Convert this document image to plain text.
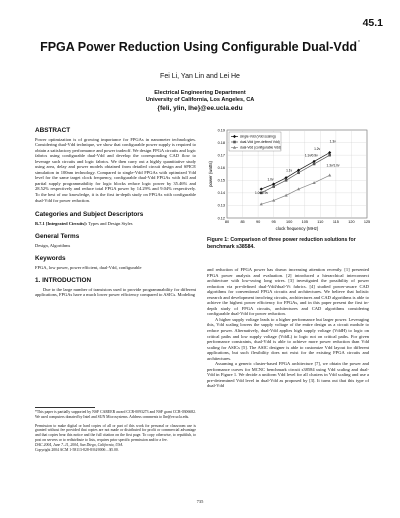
45.1
FPGA Power Reduction Using Configurable Dual-Vdd*
Fei Li, Yan Lin and Lei He
Electrical Engineering Department
University of California, Los Angeles, CA
{feli, ylin, lhe}@ee.ucla.edu
ABSTRACT

Power optimization is of growing importance for FPGAs in nanometer technologies. Considering dual-Vdd technique, we show that configurable power supply is required to obtain a satisfactory performance and power tradeoff. We design FPGA circuits and logic fabrics using configurable dual-Vdd and develop the corresponding CAD flow to leverage such circuits and logic fabrics. We then carry out a highly quantitative study using area, delay and power models obtained from detailed circuit design and SPICE simulation in 100nm technology. Compared to single-Vdd FPGAs with optimized Vdd level for the same target clock frequency, configurable dual-Vdd FPGAs with full and partial supply programmability for logic blocks reduce logic power by 35.46% and 28.52% respectively and reduce total FPGA power by 14.29% and 9.04% respectively. To the best of our knowledge, it is the first in-depth study on FPGAs with configurable dual-Vdd for power reduction.

Categories and Subject Descriptors

B.7.1 [Integrated Circuits]: Types and Design Styles

General Terms

Design, Algorithms

Keywords

FPGA, low power, power efficient, dual-Vdd, configurable

1. INTRODUCTION

Due to the large number of transistors used to provide programmability for different applications, FPGAs have a much lower power efficiency compared to ASICs. Modeling

*This paper is partially supported by NSF CAREER award CCR-0093273 and NSF grant CCR-0306682. We used computers donated by Intel and SUN Microsystems. Address comments to lhe@ee.ucla.edu.

Permission to make digital or hard copies of all or part of this work for personal or classroom use is granted without fee provided that copies are not made or distributed for profit or commercial advantage and that copies bear this notice and the full citation on the first page. To copy otherwise, to republish, to post on servers or to redistribute to lists, requires prior specific permission and/or a fee.

DAC 2004, June 7–11, 2004, San Diego, California, USA.

Copyright 2004 ACM 1-58113-828-8/04/0006 ...$5.00.

0.12
0.13
0.14
0.15
0.16
0.17
0.18
0.19
80	85	90	95	100 105 110 115 120 125
power (watts)
clock frequency (MHz)
1.0v/0.9v
1.0v
1.1v
1.1v/0.9v
1.2v
1.3v
1.3v/1.0v
single-Vdd (Vdd scaling)
dual-Vdd (pre-defined Vdd)
dual-Vdd (configurable Vdd)
Figure 1: Comparison of three power reduction solutions for benchmark s38584.

and reduction of FPGA power has drawn increasing attention recently. [1] presented FPGA power analysis and evaluation. [2] introduced a hierarchical interconnect architecture with low-swing long wires. [3] investigated the possibility of power reduction via pre-defined dual-Vdd/dual-Vt fabrics. [4] studied power-aware CAD algorithms for conventional FPGA circuits and architectures. We believe that holistic research and development involving circuits, architectures and CAD algorithms is able to achieve the highest power efficiency for FPGAs, and in this paper present the first in-depth study of FPGA circuits, architectures and CAD algorithms considering configurable dual-Vdd for power reduction.

A higher supply voltage leads to a higher performance but larger power. Leveraging this, Vdd scaling lowers the supply voltage of the entire design as a circuit module to reduce power. Alternatively, dual-Vdd applies high supply voltage (VddH) to logic on critical paths and low supply voltage (VddL) to logic not on critical paths. For given performance constraints, dual-Vdd is able to achieve more power reduction than Vdd scaling for ASICs [5]. The ASIC designer is able to customize Vdd layout for different applications, but such flexibility does not exist for the existing FPGA circuits and architectures.

Assuming a generic cluster-based FPGA architecture [7], we obtain the power and performance curves for MCNC benchmark circuit s38584 using Vdd scaling and dual-Vdd in Figure 1. We decide a uniform Vdd level for all clusters in Vdd scaling and use a pre-determined Vdd level in dual-Vdd as proposed by [3]. It turns out that this type of dual-Vdd

735
